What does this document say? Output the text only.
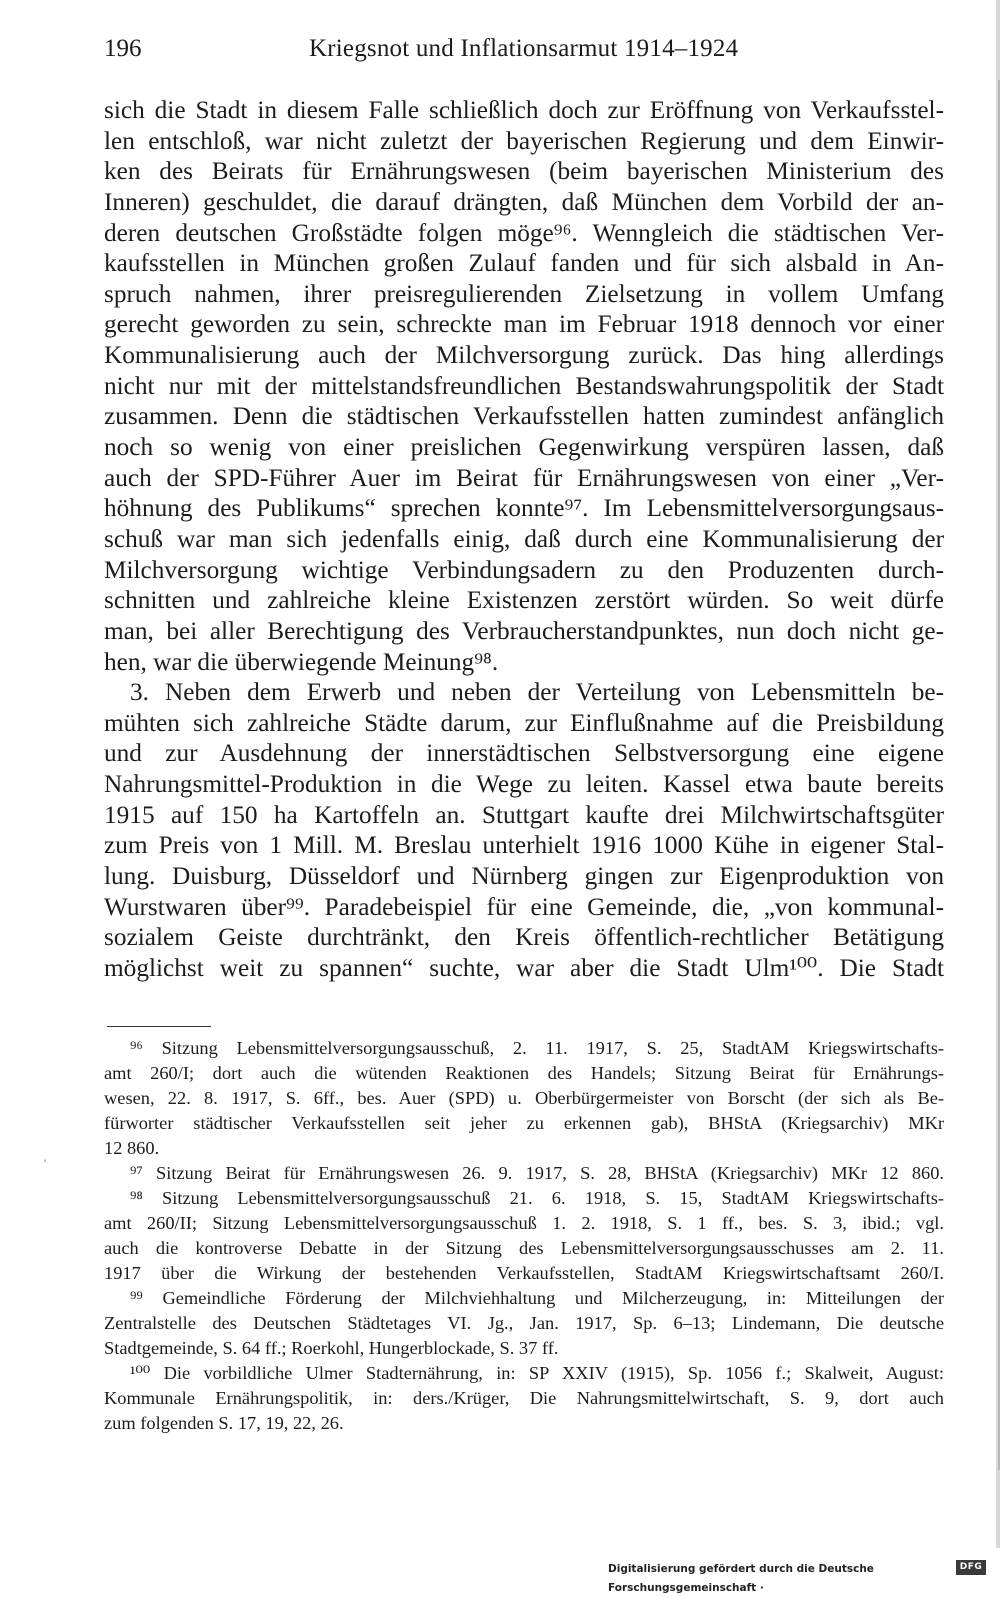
196	Kriegsnot und Inflationsarmut 1914–1924
sich die Stadt in diesem Falle schließlich doch zur Eröffnung von Verkaufsstel-
len entschloß, war nicht zuletzt der bayerischen Regierung und dem Einwir-
ken des Beirats für Ernährungswesen (beim bayerischen Ministerium des
Inneren) geschuldet, die darauf drängten, daß München dem Vorbild der an-
deren deutschen Großstädte folgen möge⁹⁶. Wenngleich die städtischen Ver-
kaufsstellen in München großen Zulauf fanden und für sich alsbald in An-
spruch nahmen, ihrer preisregulierenden Zielsetzung in vollem Umfang
gerecht geworden zu sein, schreckte man im Februar 1918 dennoch vor einer
Kommunalisierung auch der Milchversorgung zurück. Das hing allerdings
nicht nur mit der mittelstandsfreundlichen Bestandswahrungspolitik der Stadt
zusammen. Denn die städtischen Verkaufsstellen hatten zumindest anfänglich
noch so wenig von einer preislichen Gegenwirkung verspüren lassen, daß
auch der SPD-Führer Auer im Beirat für Ernährungswesen von einer „Ver-
höhnung des Publikums“ sprechen konnte⁹⁷. Im Lebensmittelversorgungsaus-
schuß war man sich jedenfalls einig, daß durch eine Kommunalisierung der
Milchversorgung wichtige Verbindungsadern zu den Produzenten durch-
schnitten und zahlreiche kleine Existenzen zerstört würden. So weit dürfe
man, bei aller Berechtigung des Verbraucherstandpunktes, nun doch nicht ge-
hen, war die überwiegende Meinung⁹⁸.
3. Neben dem Erwerb und neben der Verteilung von Lebensmitteln be-
mühten sich zahlreiche Städte darum, zur Einflußnahme auf die Preisbildung
und zur Ausdehnung der innerstädtischen Selbstversorgung eine eigene
Nahrungsmittel-Produktion in die Wege zu leiten. Kassel etwa baute bereits
1915 auf 150 ha Kartoffeln an. Stuttgart kaufte drei Milchwirtschaftsgüter
zum Preis von 1 Mill. M. Breslau unterhielt 1916 1000 Kühe in eigener Stal-
lung. Duisburg, Düsseldorf und Nürnberg gingen zur Eigenproduktion von
Wurstwaren über⁹⁹. Paradebeispiel für eine Gemeinde, die, „von kommunal-
sozialem Geiste durchtränkt, den Kreis öffentlich-rechtlicher Betätigung
möglichst weit zu spannen“ suchte, war aber die Stadt Ulm¹⁰⁰. Die Stadt
⁹⁶ Sitzung Lebensmittelversorgungsausschuß, 2. 11. 1917, S. 25, StadtAM Kriegswirtschafts-
amt 260/I; dort auch die wütenden Reaktionen des Handels; Sitzung Beirat für Ernährungs-
wesen, 22. 8. 1917, S. 6ff., bes. Auer (SPD) u. Oberbürgermeister von Borscht (der sich als Be-
fürworter städtischer Verkaufsstellen seit jeher zu erkennen gab), BHStA (Kriegsarchiv) MKr
12 860.
⁹⁷ Sitzung Beirat für Ernährungswesen 26. 9. 1917, S. 28, BHStA (Kriegsarchiv) MKr 12 860.
⁹⁸ Sitzung Lebensmittelversorgungsausschuß 21. 6. 1918, S. 15, StadtAM Kriegswirtschafts-
amt 260/II; Sitzung Lebensmittelversorgungsausschuß 1. 2. 1918, S. 1 ff., bes. S. 3, ibid.; vgl.
auch die kontroverse Debatte in der Sitzung des Lebensmittelversorgungsausschusses am 2. 11.
1917 über die Wirkung der bestehenden Verkaufsstellen, StadtAM Kriegswirtschaftsamt 260/I.
⁹⁹ Gemeindliche Förderung der Milchviehhaltung und Milcherzeugung, in: Mitteilungen der
Zentralstelle des Deutschen Städtetages VI. Jg., Jan. 1917, Sp. 6–13; Lindemann, Die deutsche
Stadtgemeinde, S. 64 ff.; Roerkohl, Hungerblockade, S. 37 ff.
¹⁰⁰ Die vorbildliche Ulmer Stadternährung, in: SP XXIV (1915), Sp. 1056 f.; Skalweit, August:
Kommunale Ernährungspolitik, in: ders./Krüger, Die Nahrungsmittelwirtschaft, S. 9, dort auch
zum folgenden S. 17, 19, 22, 26.
'
Digitalisierung gefördert durch die Deutsche Forschungsgemeinschaft ·
DFG
